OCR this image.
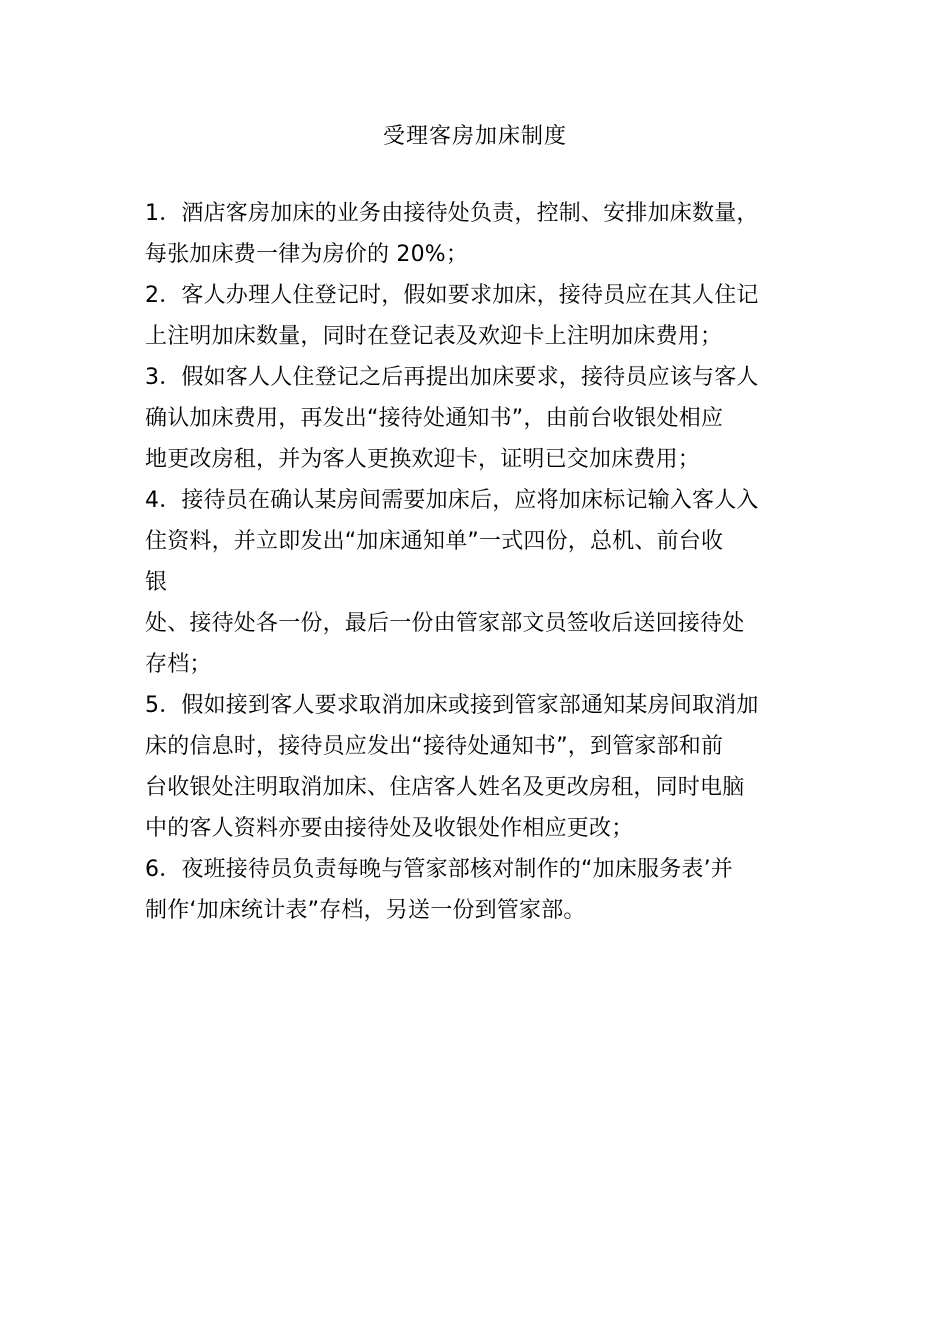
受理客房加床制度
1．酒店客房加床的业务由接待处负责，控制、安排加床数量，
每张加床费一律为房价的 20%；
2．客人办理人住登记时，假如要求加床，接待员应在其人住记
上注明加床数量，同时在登记表及欢迎卡上注明加床费用；
3．假如客人人住登记之后再提出加床要求，接待员应该与客人
确认加床费用，再发出“接待处通知书”，由前台收银处相应
地更改房租，并为客人更换欢迎卡，证明已交加床费用；
4．接待员在确认某房间需要加床后，应将加床标记输入客人入
住资料，并立即发出“加床通知单”一式四份，总机、前台收
银
处、接待处各一份，最后一份由管家部文员签收后送回接待处
存档；
5．假如接到客人要求取消加床或接到管家部通知某房间取消加
床的信息时，接待员应发出“接待处通知书”，到管家部和前
台收银处注明取消加床、住店客人姓名及更改房租，同时电脑
中的客人资料亦要由接待处及收银处作相应更改；
6．夜班接待员负责每晚与管家部核对制作的“加床服务表’并
制作‘加床统计表”存档，另送一份到管家部。
